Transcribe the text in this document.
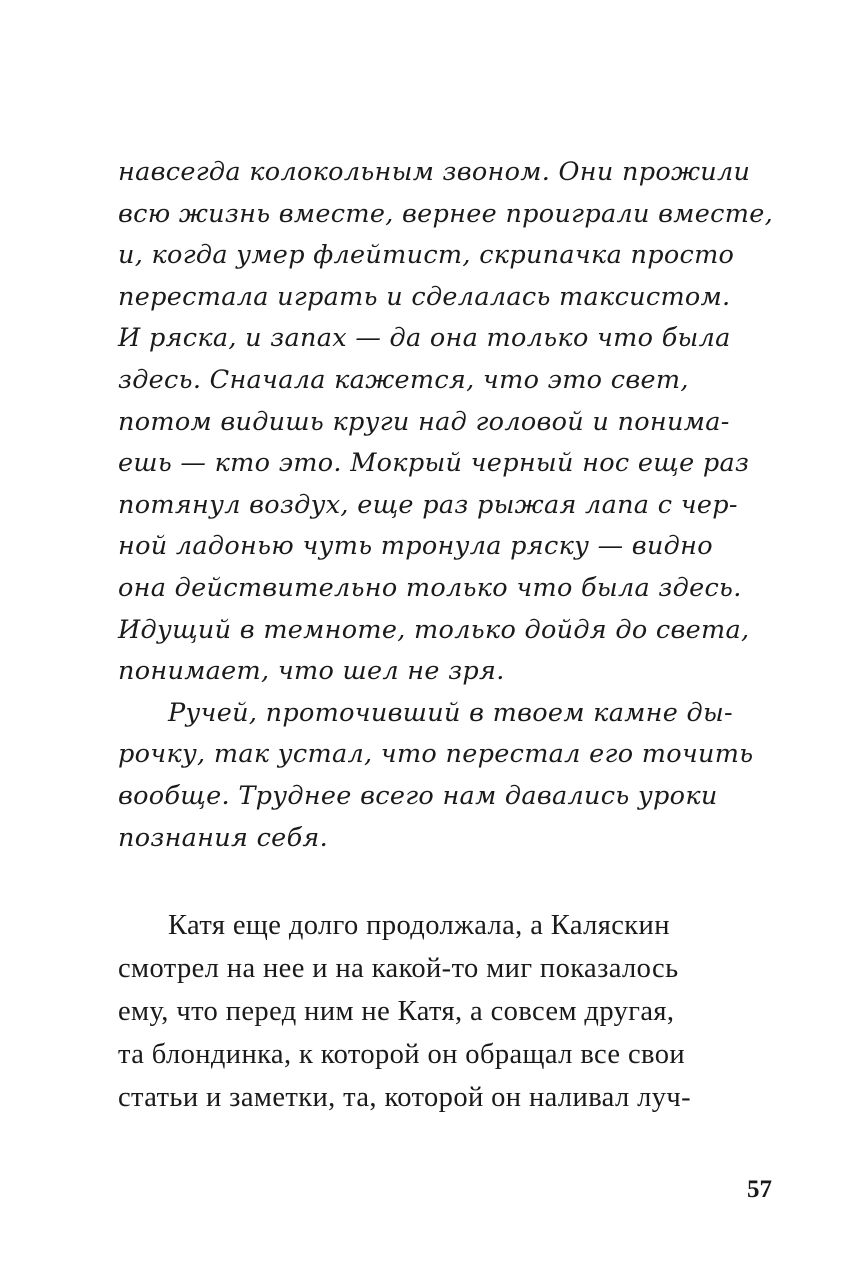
навсегда колокольным звоном. Они прожили
всю жизнь вместе, вернее проиграли вместе,
и, когда умер флейтист, скрипачка просто
перестала играть и сделалась таксистом.
И ряска, и запах — да она только что была
здесь. Сначала кажется, что это свет,
потом видишь круги над головой и понима-
ешь — кто это. Мокрый черный нос еще раз
потянул воздух, еще раз рыжая лапа с чер-
ной ладонью чуть тронула ряску — видно
она действительно только что была здесь.
Идущий в темноте, только дойдя до света,
понимает, что шел не зря.
Ручей, проточивший в твоем камне ды-
рочку, так устал, что перестал его точить
вообще. Труднее всего нам давались уроки
познания себя.
Катя еще долго продолжала, а Каляскин
смотрел на нее и на какой-то миг показалось
ему, что перед ним не Катя, а совсем другая,
та блондинка, к которой он обращал все свои
статьи и заметки, та, которой он наливал луч-
57
